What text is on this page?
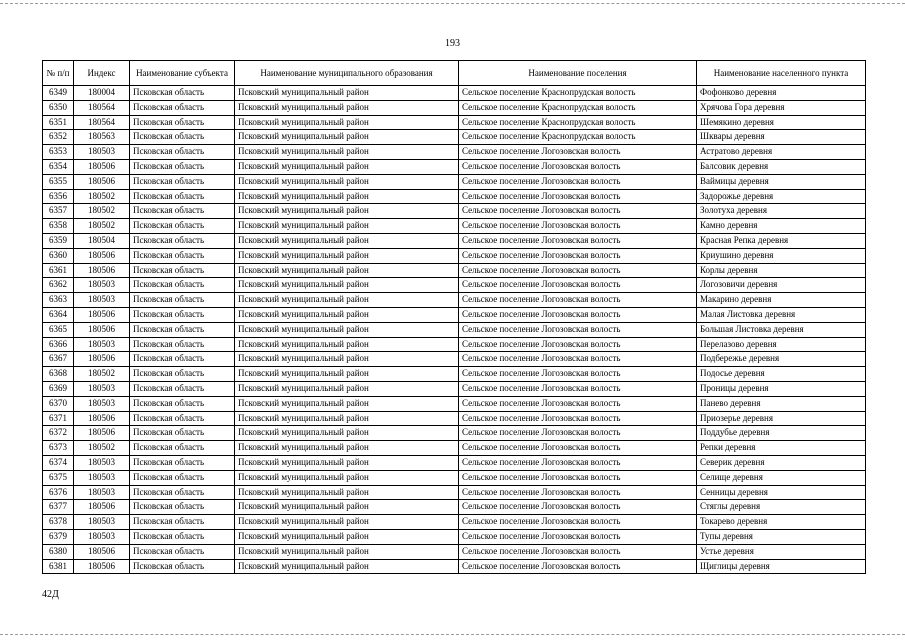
193
№ п/п	Индекс	Наименование субъекта	Наименование муниципального образования	Наименование поселения	Наименование населенного пункта
6349	180004	Псковская область	Псковский муниципальный район	Сельское поселение Краснопрудская волость	Фофонково деревня
6350	180564	Псковская область	Псковский муниципальный район	Сельское поселение Краснопрудская волость	Хрячова Гора деревня
6351	180564	Псковская область	Псковский муниципальный район	Сельское поселение Краснопрудская волость	Шемякино деревня
6352	180563	Псковская область	Псковский муниципальный район	Сельское поселение Краснопрудская волость	Шквары деревня
6353	180503	Псковская область	Псковский муниципальный район	Сельское поселение Логозовская волость	Астратово деревня
6354	180506	Псковская область	Псковский муниципальный район	Сельское поселение Логозовская волость	Балсовик деревня
6355	180506	Псковская область	Псковский муниципальный район	Сельское поселение Логозовская волость	Ваймицы деревня
6356	180502	Псковская область	Псковский муниципальный район	Сельское поселение Логозовская волость	Задорожье деревня
6357	180502	Псковская область	Псковский муниципальный район	Сельское поселение Логозовская волость	Золотуха деревня
6358	180502	Псковская область	Псковский муниципальный район	Сельское поселение Логозовская волость	Камно деревня
6359	180504	Псковская область	Псковский муниципальный район	Сельское поселение Логозовская волость	Красная Репка деревня
6360	180506	Псковская область	Псковский муниципальный район	Сельское поселение Логозовская волость	Криушино деревня
6361	180506	Псковская область	Псковский муниципальный район	Сельское поселение Логозовская волость	Корлы деревня
6362	180503	Псковская область	Псковский муниципальный район	Сельское поселение Логозовская волость	Логозовичи деревня
6363	180503	Псковская область	Псковский муниципальный район	Сельское поселение Логозовская волость	Макарино деревня
6364	180506	Псковская область	Псковский муниципальный район	Сельское поселение Логозовская волость	Малая Листовка деревня
6365	180506	Псковская область	Псковский муниципальный район	Сельское поселение Логозовская волость	Большая Листовка деревня
6366	180503	Псковская область	Псковский муниципальный район	Сельское поселение Логозовская волость	Перелазово деревня
6367	180506	Псковская область	Псковский муниципальный район	Сельское поселение Логозовская волость	Подбережье деревня
6368	180502	Псковская область	Псковский муниципальный район	Сельское поселение Логозовская волость	Подосье деревня
6369	180503	Псковская область	Псковский муниципальный район	Сельское поселение Логозовская волость	Проницы деревня
6370	180503	Псковская область	Псковский муниципальный район	Сельское поселение Логозовская волость	Панево деревня
6371	180506	Псковская область	Псковский муниципальный район	Сельское поселение Логозовская волость	Приозерье деревня
6372	180506	Псковская область	Псковский муниципальный район	Сельское поселение Логозовская волость	Поддубье деревня
6373	180502	Псковская область	Псковский муниципальный район	Сельское поселение Логозовская волость	Репки деревня
6374	180503	Псковская область	Псковский муниципальный район	Сельское поселение Логозовская волость	Северик деревня
6375	180503	Псковская область	Псковский муниципальный район	Сельское поселение Логозовская волость	Селище деревня
6376	180503	Псковская область	Псковский муниципальный район	Сельское поселение Логозовская волость	Сенницы деревня
6377	180506	Псковская область	Псковский муниципальный район	Сельское поселение Логозовская волость	Стяглы деревня
6378	180503	Псковская область	Псковский муниципальный район	Сельское поселение Логозовская волость	Токарево деревня
6379	180503	Псковская область	Псковский муниципальный район	Сельское поселение Логозовская волость	Тупы деревня
6380	180506	Псковская область	Псковский муниципальный район	Сельское поселение Логозовская волость	Устье деревня
6381	180506	Псковская область	Псковский муниципальный район	Сельское поселение Логозовская волость	Щиглицы деревня
42Д
